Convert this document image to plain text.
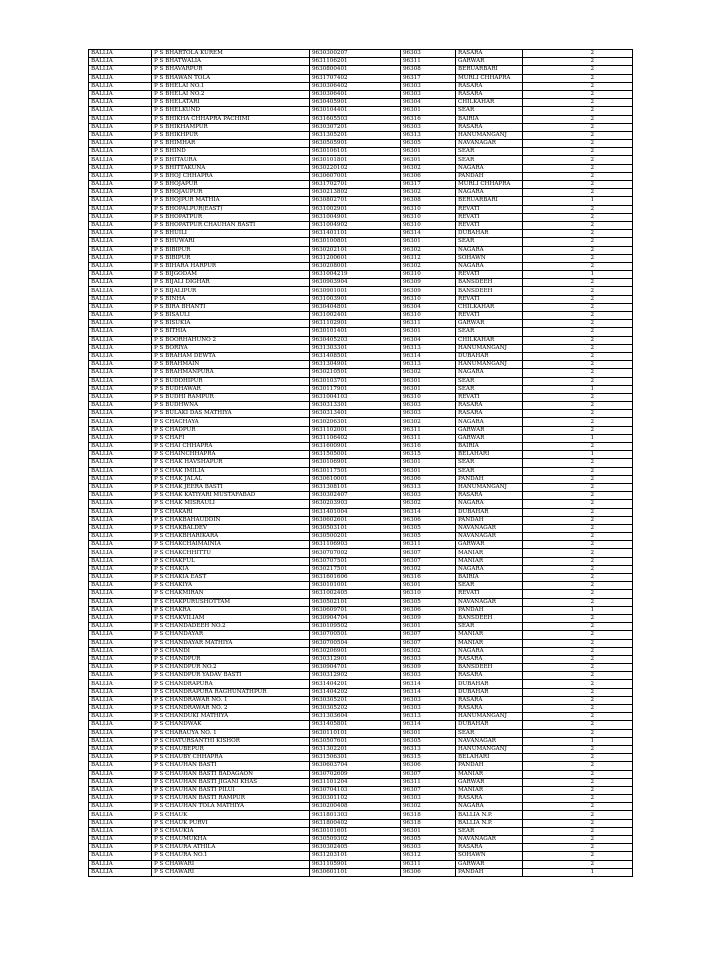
BALLIA	P S BHARTOLA KUREM	9630300207	96303	RASARA	2
BALLIA	P S BHATWALIA	9631106201	96311	GARWAR	2
BALLIA	P S BHAVARPUR	9630800401	96308	BERUARBARI	2
BALLIA	P S BHAWAN TOLA	9631707402	96317	MURLI CHHAPRA	2
BALLIA	P S BHELAI NO.1	9630306402	96303	RASARA	2
BALLIA	P S BHELAI NO.2	9630306401	96303	RASARA	2
BALLIA	P S BHELATARI	9630405901	96304	CHILKAHAR	2
BALLIA	P S BHELKUND	9630104401	96301	SEAR	2
BALLIA	P S BHIKHA CHHAPRA PACHIMI	9631605503	96316	BAIRIA	2
BALLIA	P S BHIKHAMPUR	9630307201	96303	RASARA	2
BALLIA	P S BHIKHPUR	9631305201	96313	HANUMANGANJ	2
BALLIA	P S BHIMHAR	9630505901	96305	NAVANAGAR	2
BALLIA	P S BHIND	9630106101	96301	SEAR	2
BALLIA	P S BHITAURA	9630101801	96301	SEAR	2
BALLIA	P S BHITTAKUNA	9630220102	96302	NAGARA	2
BALLIA	P S BHOJ CHHAPRA	9630607001	96306	PANDAH	2
BALLIA	P S BHOJAPUR	9631702701	96317	MURLI CHHAPRA	2
BALLIA	P S BHOJAUPUR	9630213802	96302	NAGARA	2
BALLIA	P S BHOJPUR MATHIA	9630802701	96308	BERUARBARI	1
BALLIA	P S BHOPALPUR(EAST)	9631002901	96310	REVATI	2
BALLIA	P S BHOPATPUR	9631004901	96310	REVATI	2
BALLIA	P S BHOPATPUR CHAUHAN BASTI	9631004902	96310	REVATI	2
BALLIA	P S BHUILI	9631401101	96314	DUBAHAR	2
BALLIA	P S BHUWARI	9630100801	96301	SEAR	2
BALLIA	P S BIBIPUR	9630202101	96302	NAGARA	2
BALLIA	P S BIBIPUR	9631200601	96312	SOHAWN	2
BALLIA	P S BIHARA HARPUR	9630208001	96302	NAGARA	2
BALLIA	P S BIJGODAM	9631004219	96310	REVATI	1
BALLIA	P S BIJALI DIGHAR	9630903904	96309	BANSDEEH	2
BALLIA	P S BIJALIPUR	9630901001	96309	BANSDEEH	2
BALLIA	P S BINHA	9631003901	96310	REVATI	2
BALLIA	P S BIRA BHANTI	9630404801	96304	CHILKAHAR	2
BALLIA	P S BISAULI	9631002401	96310	REVATI	2
BALLIA	P S BISUKIA	9631102901	96311	GARWAR	2
BALLIA	P S BITHIA	9630101401	96301	SEAR	2
BALLIA	P S BOORHAHUNO 2	9630405203	96304	CHILKAHAR	2
BALLIA	P S BORIYA	9631303301	96313	HANUMANGANJ	2
BALLIA	P S BRAHAM DEWTA	9631408501	96314	DUBAHAR	2
BALLIA	P S BRAHMAIN	9631304901	96313	HANUMANGANJ	2
BALLIA	P S BRAHMANPURA	9630210501	96302	NAGARA	2
BALLIA	P S BUDDHIPUR	9630103701	96301	SEAR	2
BALLIA	P S BUDHAWAR	9630117901	96301	SEAR	1
BALLIA	P S BUDHI RAMPUR	9631004103	96310	REVATI	2
BALLIA	P S BUDHWNA	9630313301	96303	RASARA	2
BALLIA	P S BULAKI DAS MATHIYA	9630313401	96303	RASARA	2
BALLIA	P S CHACHAYA	9630206301	96302	NAGARA	2
BALLIA	P S CHADPUR	9631102001	96311	GARWAR	2
BALLIA	P S CHAFI	9631106402	96311	GARWAR	1
BALLIA	P S CHAI CHHAPRA	9631600901	96316	BAIRIA	2
BALLIA	P S CHAINCHHAPRA	9631505001	96315	BELAHARI	1
BALLIA	P S CHAK HAVSHAPUR	9630106901	96301	SEAR	2
BALLIA	P S CHAK IMILIA	9630117501	96301	SEAR	2
BALLIA	P S CHAK JALAL	9630610001	96306	PANDAH	2
BALLIA	P S CHAK JEERA BASTI	9631308101	96313	HANUMANGANJ	2
BALLIA	P S CHAK KATIYARI MUSTAFABAD	9630302407	96303	RASARA	2
BALLIA	P S CHAK MISRAULI	9630203903	96302	NAGARA	2
BALLIA	P S CHAKARI	9631401004	96314	DUBAHAR	2
BALLIA	P S CHAKBAHAUDDIN	9630602601	96306	PANDAH	2
BALLIA	P S CHAKBALDEV	9630503101	96305	NAVANAGAR	2
BALLIA	P S CHAKBHARIKARA	9630500201	96305	NAVANAGAR	2
BALLIA	P S CHAKCHAIMAINIA	9631106903	96311	GARWAR	2
BALLIA	P S CHAKCHHITTU	9630707002	96307	MANIAR	2
BALLIA	P S CHAKFUL	9630707501	96307	MANIAR	2
BALLIA	P S CHAKIA	9630217501	96302	NAGARA	2
BALLIA	P S CHAKIA EAST	9631601606	96316	BAIRIA	2
BALLIA	P S CHAKIYA	9630101001	96301	SEAR	2
BALLIA	P S CHAKMIRAN	9631002405	96310	REVATI	2
BALLIA	P S CHAKPURUSHOTTAM	9630502101	96305	NAVANAGAR	2
BALLIA	P S CHAKRA	9630609701	96306	PANDAH	1
BALLIA	P S CHAKVILIAM	9630904704	96309	BANSDEEH	2
BALLIA	P S CHANDADEEH NO.2	9630109502	96301	SEAR	2
BALLIA	P S CHANDAYAR	9630700501	96307	MANIAR	2
BALLIA	P S CHANDAYAR MATHIYA	9630700504	96307	MANIAR	2
BALLIA	P S CHANDI	9630206901	96302	NAGARA	2
BALLIA	P S CHANDPUR	9630312901	96303	RASARA	2
BALLIA	P S CHANDPUR NO.2	9630904701	96309	BANSDEEH	2
BALLIA	P S CHANDPUR YADAV BASTI	9630312902	96303	RASARA	2
BALLIA	P S CHANDRAPURA	9631404201	96314	DUBAHAR	2
BALLIA	P S CHANDRAPURA RAGHUNATHPUR	9631404202	96314	DUBAHAR	2
BALLIA	P S CHANDRAWAR NO. 1	9630305201	96303	RASARA	2
BALLIA	P S CHANDRAWAR NO. 2	9630305202	96303	RASARA	2
BALLIA	P S CHANDUKI MATHIYA	9631303604	96313	HANUMANGANJ	2
BALLIA	P S CHANDWAK	9631405801	96314	DUBAHAR	2
BALLIA	P S CHARAUYA NO. 1	9630110101	96301	SEAR	2
BALLIA	P S CHATURSANTHI KISHOR	9630507601	96305	NAVANAGAR	1
BALLIA	P S CHAUBEPUR	9631302201	96313	HANUMANGANJ	2
BALLIA	P S CHAUBY CHHAPRA	9631506301	96315	BELAHARI	2
BALLIA	P S CHAUHAN BASTI	9630603704	96306	PANDAH	2
BALLIA	P S CHAUHAN BASTI BADAGAON	9630702609	96307	MANIAR	2
BALLIA	P S CHAUHAN BASTI JIGANI KHAS	9631101204	96311	GARWAR	2
BALLIA	P S CHAUHAN BASTI PILUI	9630704103	96307	MANIAR	2
BALLIA	P S CHAUHAN BASTI RAMPUR	9630301102	96303	RASARA	2
BALLIA	P S CHAUHAN TOLA MATHIYA	9630200408	96302	NAGARA	2
BALLIA	P S CHAUK	9631801303	96318	BALLIA N.P.	2
BALLIA	P S CHAUK PURVI	9631800402	96318	BALLIA N.P.	2
BALLIA	P S CHAUKIA	9630101601	96301	SEAR	2
BALLIA	P S CHAUMUKHA	9630509302	96305	NAVANAGAR	2
BALLIA	P S CHAURA ATHILA	9630302405	96303	RASARA	2
BALLIA	P S CHAURA NO.1	9631203101	96312	SOHAWN	2
BALLIA	P S CHAWARI	9631105901	96311	GARWAR	2
BALLIA	P S CHAWARI	9630601101	96306	PANDAH	1
